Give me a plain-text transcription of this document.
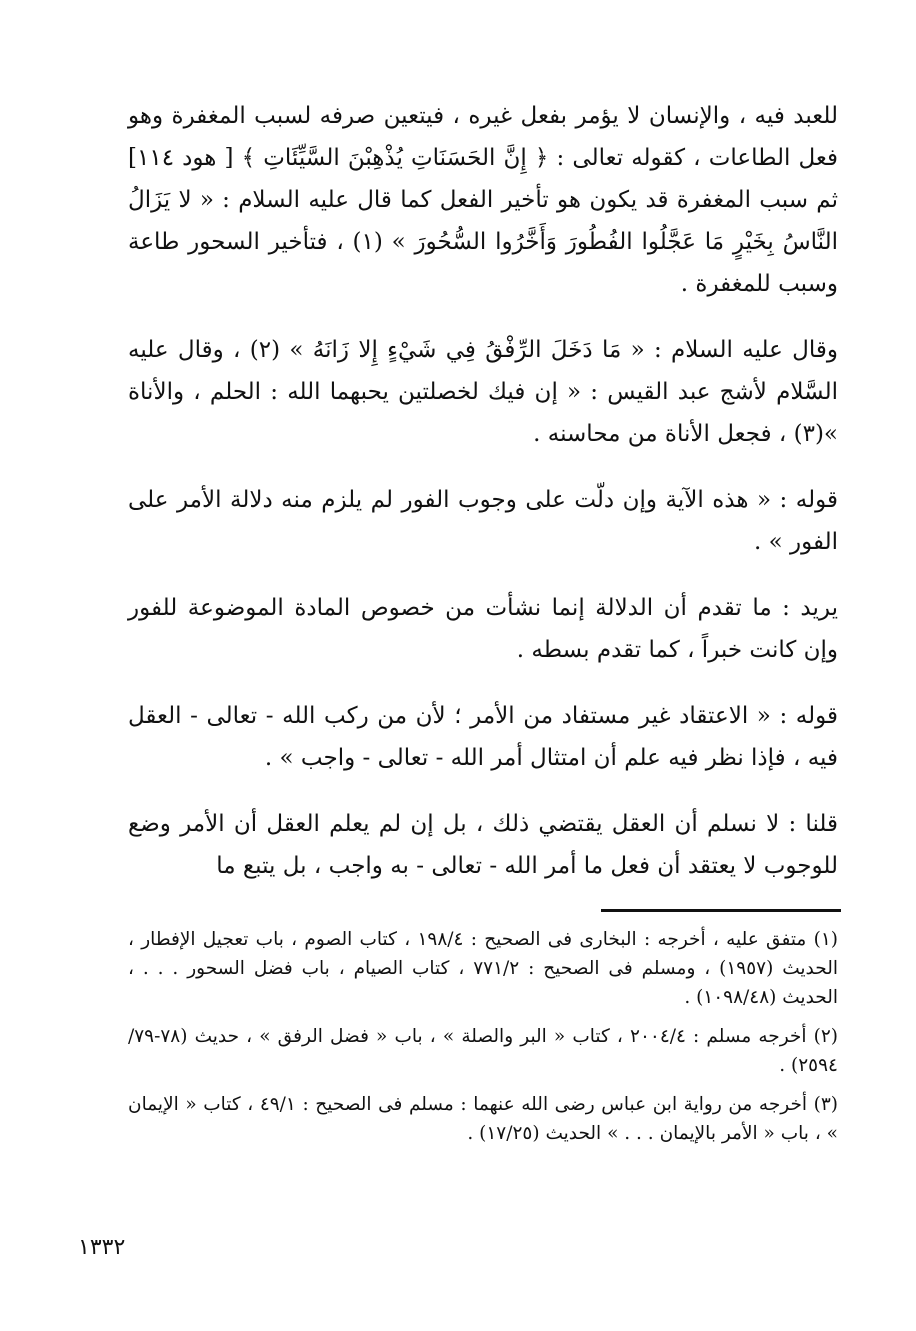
للعبد فيه ، والإنسان لا يؤمر بفعل غيره ، فيتعين صرفه لسبب المغفرة وهو فعل الطاعات ، كقوله تعالى : ﴿ إِنَّ الحَسَنَاتِ يُذْهِبْنَ السَّيِّئَاتِ ﴾ [ هود ١١٤] ثم سبب المغفرة قد يكون هو تأخير الفعل كما قال عليه السلام : « لا يَزَالُ النَّاسُ بِخَيْرٍ مَا عَجَّلُوا الفُطُورَ وَأَخَّرُوا السُّحُورَ » (١) ، فتأخير السحور طاعة وسبب للمغفرة .

وقال عليه السلام : « مَا دَخَلَ الرِّفْقُ فِي شَيْءٍ إِلا زَانَهُ » (٢) ، وقال عليه السَّلام لأشج عبد القيس : « إن فيك لخصلتين يحبهما الله : الحلم ، والأناة »(٣) ، فجعل الأناة من محاسنه .

قوله : « هذه الآية وإن دلّت على وجوب الفور لم يلزم منه دلالة الأمر على الفور » .

يريد : ما تقدم أن الدلالة إنما نشأت من خصوص المادة الموضوعة للفور وإن كانت خبراً ، كما تقدم بسطه .

قوله : « الاعتقاد غير مستفاد من الأمر ؛ لأن من ركب الله - تعالى - العقل فيه ، فإذا نظر فيه علم أن امتثال أمر الله - تعالى - واجب » .

قلنا : لا نسلم أن العقل يقتضي ذلك ، بل إن لم يعلم العقل أن الأمر وضع للوجوب لا يعتقد أن فعل ما أمر الله - تعالى - به واجب ، بل يتبع ما

(١) متفق عليه ، أخرجه : البخارى فى الصحيح : ١٩٨/٤ ، كتاب الصوم ، باب تعجيل الإفطار ، الحديث (١٩٥٧) ، ومسلم فى الصحيح : ٧٧١/٢ ، كتاب الصيام ، باب فضل السحور . . . ، الحديث (١٠٩٨/٤٨) .

(٢) أخرجه مسلم : ٢٠٠٤/٤ ، كتاب « البر والصلة » ، باب « فضل الرفق » ، حديث (٧٨-٧٩/ ٢٥٩٤) .

(٣) أخرجه من رواية ابن عباس رضى الله عنهما : مسلم فى الصحيح : ٤٩/١ ، كتاب « الإيمان » ، باب « الأمر بالإيمان . . . » الحديث (١٧/٢٥) .

١٣٣٢
